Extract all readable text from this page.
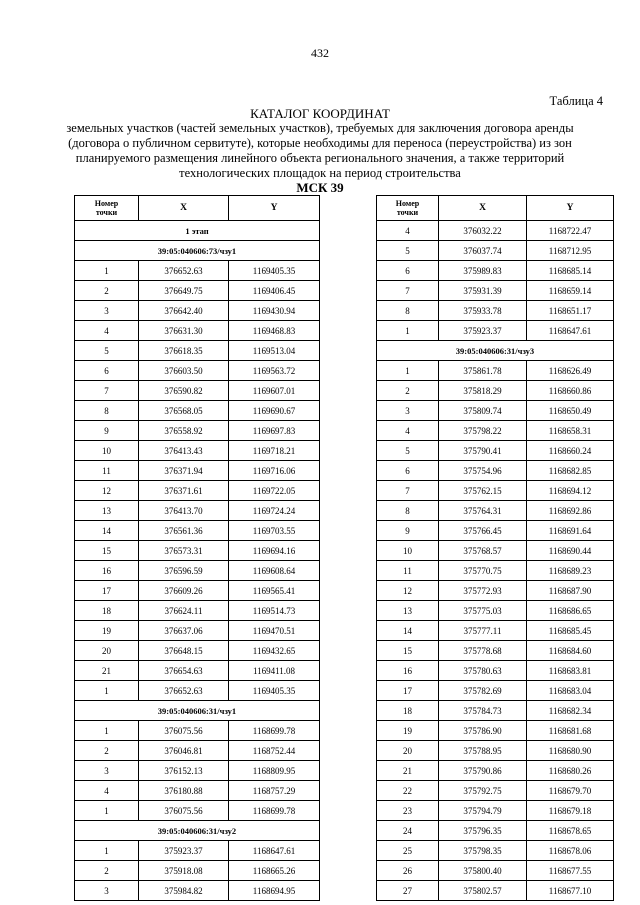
432
Таблица 4
КАТАЛОГ КООРДИНАТ
земельных участков (частей земельных участков), требуемых для заключения договора аренды
(договора о публичном сервитуте), которые необходимы для переноса (переустройства) из зон
планируемого размещения линейного объекта регионального значения, а также территорий
технологических площадок на период строительства
МСК 39
Номер
точки	X	Y
1 этап		
39:05:040606:73/чзу1		
1	376652.63	1169405.35
2	376649.75	1169406.45
3	376642.40	1169430.94
4	376631.30	1169468.83
5	376618.35	1169513.04
6	376603.50	1169563.72
7	376590.82	1169607.01
8	376568.05	1169690.67
9	376558.92	1169697.83
10	376413.43	1169718.21
11	376371.94	1169716.06
12	376371.61	1169722.05
13	376413.70	1169724.24
14	376561.36	1169703.55
15	376573.31	1169694.16
16	376596.59	1169608.64
17	376609.26	1169565.41
18	376624.11	1169514.73
19	376637.06	1169470.51
20	376648.15	1169432.65
21	376654.63	1169411.08
1	376652.63	1169405.35
39:05:040606:31/чзу1		
1	376075.56	1168699.78
2	376046.81	1168752.44
3	376152.13	1168809.95
4	376180.88	1168757.29
1	376075.56	1168699.78
39:05:040606:31/чзу2		
1	375923.37	1168647.61
2	375918.08	1168665.26
3	375984.82	1168694.95
Номер
точки	X	Y
4	376032.22	1168722.47
5	376037.74	1168712.95
6	375989.83	1168685.14
7	375931.39	1168659.14
8	375933.78	1168651.17
1	375923.37	1168647.61
39:05:040606:31/чзу3		
1	375861.78	1168626.49
2	375818.29	1168660.86
3	375809.74	1168650.49
4	375798.22	1168658.31
5	375790.41	1168660.24
6	375754.96	1168682.85
7	375762.15	1168694.12
8	375764.31	1168692.86
9	375766.45	1168691.64
10	375768.57	1168690.44
11	375770.75	1168689.23
12	375772.93	1168687.90
13	375775.03	1168686.65
14	375777.11	1168685.45
15	375778.68	1168684.60
16	375780.63	1168683.81
17	375782.69	1168683.04
18	375784.73	1168682.34
19	375786.90	1168681.68
20	375788.95	1168680.90
21	375790.86	1168680.26
22	375792.75	1168679.70
23	375794.79	1168679.18
24	375796.35	1168678.65
25	375798.35	1168678.06
26	375800.40	1168677.55
27	375802.57	1168677.10
